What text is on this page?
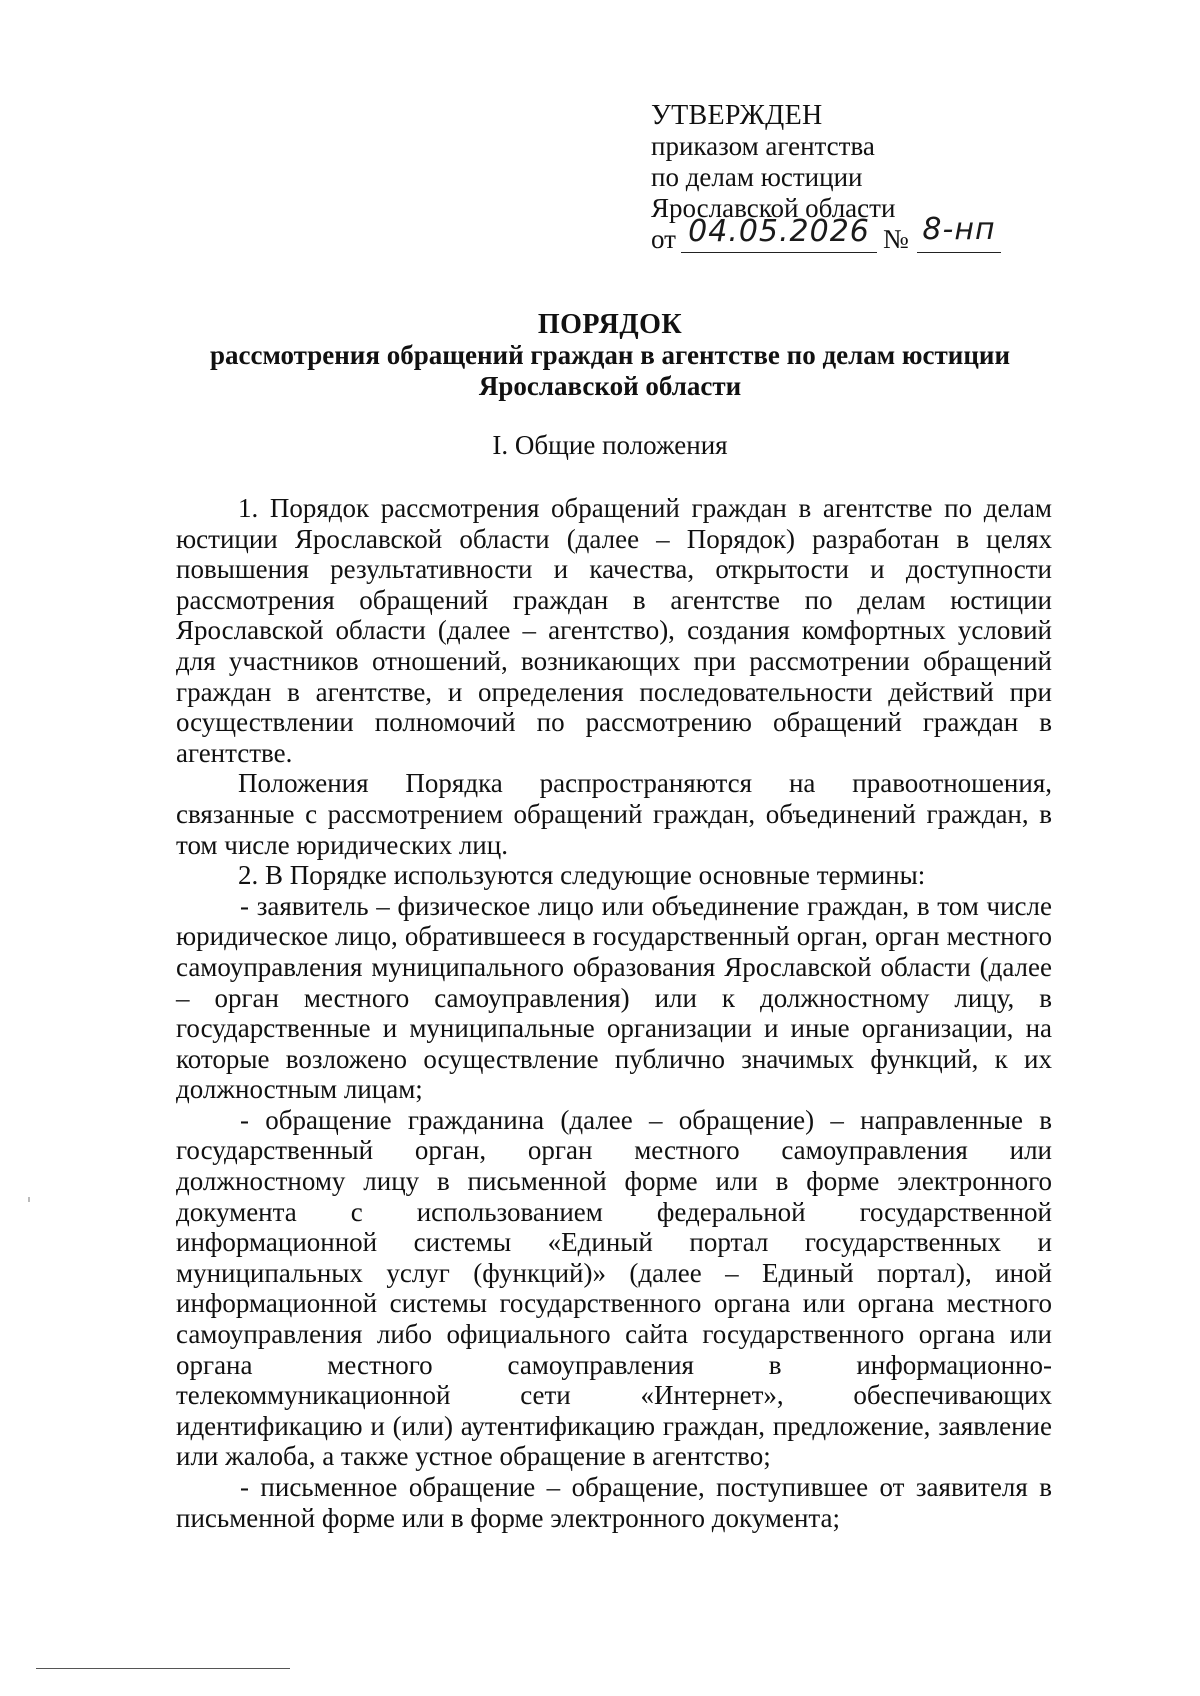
УТВЕРЖДЕН
приказом агентства
по делам юстиции
Ярославской области
от 04.05.2026 № 8-нп
ПОРЯДОК
рассмотрения обращений граждан в агентстве по делам юстиции
Ярославской области
I. Общие положения

1. Порядок рассмотрения обращений граждан в агентстве по делам юстиции Ярославской области (далее – Порядок) разработан в целях повышения результативности и качества, открытости и доступности рассмотрения обращений граждан в агентстве по делам юстиции Ярославской области (далее – агентство), создания комфортных условий для участников отношений, возникающих при рассмотрении обращений граждан в агентстве, и определения последовательности действий при осуществлении полномочий по рассмотрению обращений граждан в агентстве.

Положения Порядка распространяются на правоотношения, связанные с рассмотрением обращений граждан, объединений граждан, в том числе юридических лиц.

2. В Порядке используются следующие основные термины:

- заявитель – физическое лицо или объединение граждан, в том числе юридическое лицо, обратившееся в государственный орган, орган местного самоуправления муниципального образования Ярославской области (далее – орган местного самоуправления) или к должностному лицу, в государственные и муниципальные организации и иные организации, на которые возложено осуществление публично значимых функций, к их должностным лицам;

- обращение гражданина (далее – обращение) – направленные в государственный орган, орган местного самоуправления или должностному лицу в письменной форме или в форме электронного документа с использованием федеральной государственной информационной системы «Единый портал государственных и муниципальных услуг (функций)» (далее – Единый портал), иной информационной системы государственного органа или органа местного самоуправления либо официального сайта государственного органа или органа местного самоуправления в информационно-телекоммуникационной сети «Интернет», обеспечивающих идентификацию и (или) аутентификацию граждан, предложение, заявление или жалоба, а также устное обращение в агентство;

- письменное обращение – обращение, поступившее от заявителя в письменной форме или в форме электронного документа;
